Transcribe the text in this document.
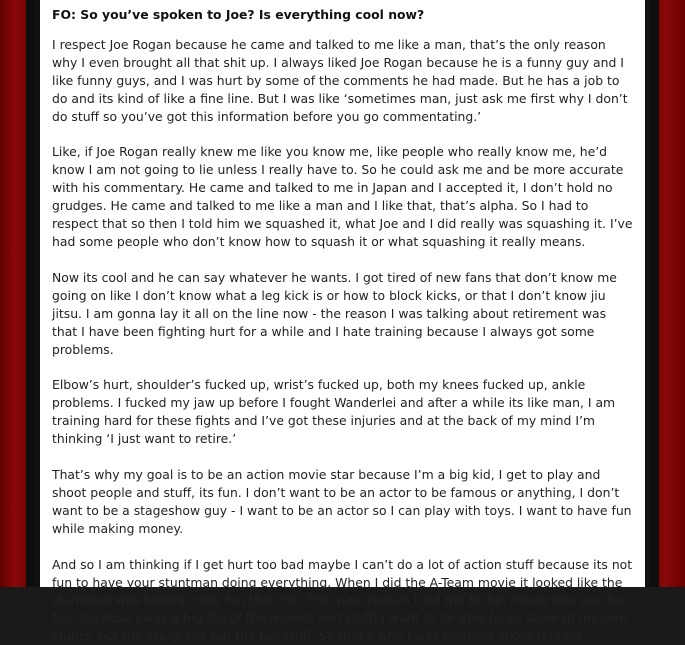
FO: So you’ve spoken to Joe? Is everything cool now?

I respect Joe Rogan because he came and talked to me like a man, that’s the only reason why I even brought all that shit up. I always liked Joe Rogan because he is a funny guy and I like funny guys, and I was hurt by some of the comments he had made. But he has a job to do and its kind of like a fine line. But I was like ‘sometimes man, just ask me first why I don’t do stuff so you’ve got this information before you go commentating.’

Like, if Joe Rogan really knew me like you know me, like people who really know me, he’d know I am not going to lie unless I really have to. So he could ask me and be more accurate with his commentary. He came and talked to me in Japan and I accepted it, I don’t hold no grudges. He came and talked to me like a man and I like that, that’s alpha. So I had to respect that so then I told him we squashed it, what Joe and I did really was squashing it. I’ve had some people who don’t know how to squash it or what squashing it really means.

Now its cool and he can say whatever he wants. I got tired of new fans that don’t know me going on like I don’t know what a leg kick is or how to block kicks, or that I don’t know jiu jitsu. I am gonna lay it all on the line now - the reason I was talking about retirement was that I have been fighting hurt for a while and I hate training because I always got some problems.

Elbow’s hurt, shoulder’s fucked up, wrist’s fucked up, both my knees fucked up, ankle problems. I fucked my jaw up before I fought Wanderlei and after a while its like man, I am training hard for these fights and I’ve got these injuries and at the back of my mind I’m thinking ‘I just want to retire.’

That’s why my goal is to be an action movie star because I’m a big kid, I get to play and shoot people and stuff, its fun. I don’t want to be an actor to be famous or anything, I don’t want to be a stageshow guy - I want to be an actor so I can play with toys. I want to have fun while making money.

And so I am thinking if I get hurt too bad maybe I can’t do a lot of action stuff because its not fun to have your stuntman doing everything. When I did the A-Team movie it looked like the stuntman was having more fun that me. The main reason I did the fuckin movie was just for fun, because I was a big fan of the movies and stuff. I want to be able to do some of my own stunts, not the crazy shit but the fun stuff. So that’s why I was thinking about retiring.
